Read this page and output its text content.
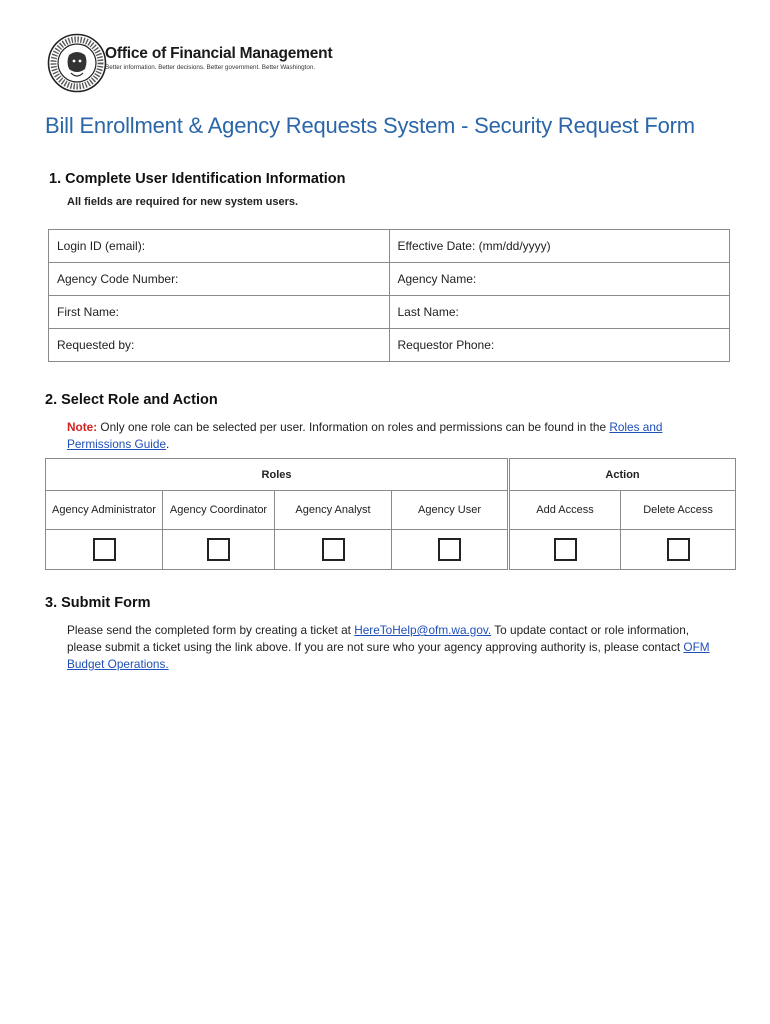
Office of Financial Management
Better information. Better decisions. Better government. Better Washington.
Bill Enrollment & Agency Requests System - Security Request Form
1. Complete User Identification Information
All fields are required for new system users.
Login ID (email):	Effective Date: (mm/dd/yyyy)
Agency Code Number:	Agency Name:
First Name:	Last Name:
Requested by:	Requestor Phone:
2. Select Role and Action
Note: Only one role can be selected per user. Information on roles and permissions can be found in the Roles and Permissions Guide.
Roles				Action	
Agency Administrator	Agency Coordinator	Agency Analyst	Agency User	Add Access	Delete Access

3. Submit Form
Please send the completed form by creating a ticket at HereToHelp@ofm.wa.gov. To update contact or role information, please submit a ticket using the link above. If you are not sure who your agency approving authority is, please contact OFM Budget Operations.
